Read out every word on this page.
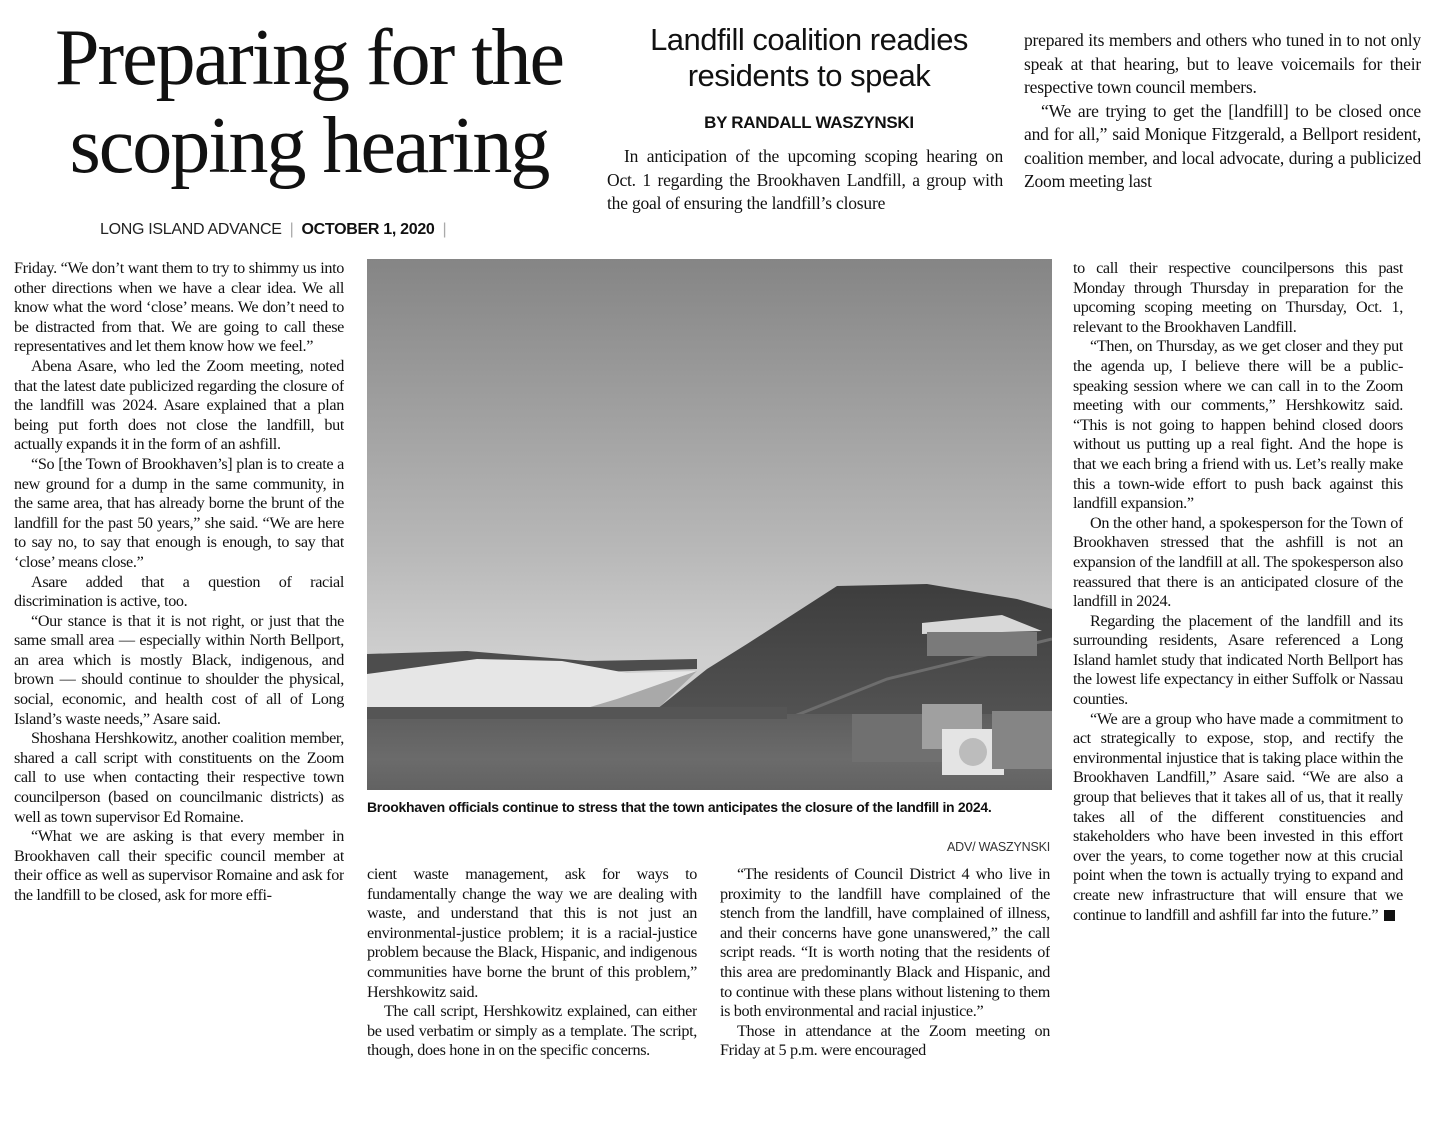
Preparing for the scoping hearing
LONG ISLAND ADVANCE | OCTOBER 1, 2020 |
Landfill coalition readies residents to speak
BY RANDALL WASZYNSKI

In anticipation of the upcoming scoping hearing on Oct. 1 regarding the Brookhaven Landfill, a group with the goal of ensuring the landfill’s closure

prepared its members and others who tuned in to not only speak at that hearing, but to leave voicemails for their respective town council members.

“We are trying to get the [landfill] to be closed once and for all,” said Monique Fitzgerald, a Bellport resident, coalition member, and local advocate, during a publicized Zoom meeting last

Friday. “We don’t want them to try to shimmy us into other directions when we have a clear idea. We all know what the word ‘close’ means. We don’t need to be distracted from that. We are going to call these representatives and let them know how we feel.”

Abena Asare, who led the Zoom meeting, noted that the latest date publicized regarding the closure of the landfill was 2024. Asare explained that a plan being put forth does not close the landfill, but actually expands it in the form of an ashfill.

“So [the Town of Brookhaven’s] plan is to create a new ground for a dump in the same community, in the same area, that has already borne the brunt of the landfill for the past 50 years,” she said. “We are here to say no, to say that enough is enough, to say that ‘close’ means close.”

Asare added that a question of racial discrimination is active, too.

“Our stance is that it is not right, or just that the same small area — especially within North Bellport, an area which is mostly Black, indigenous, and brown — should continue to shoulder the physical, social, economic, and health cost of all of Long Island’s waste needs,” Asare said.

Shoshana Hershkowitz, another coalition member, shared a call script with constituents on the Zoom call to use when contacting their respective town councilperson (based on councilmanic districts) as well as town supervisor Ed Romaine.

“What we are asking is that every member in Brookhaven call their specific council member at their office as well as supervisor Romaine and ask for the landfill to be closed, ask for more effi-

Brookhaven officials continue to stress that the town anticipates the closure of the landfill in 2024.
ADV/ WASZYNSKI

cient waste management, ask for ways to fundamentally change the way we are dealing with waste, and understand that this is not just an environmental-justice problem; it is a racial-justice problem because the Black, Hispanic, and indigenous communities have borne the brunt of this problem,” Hershkowitz said.

The call script, Hershkowitz explained, can either be used verbatim or simply as a template. The script, though, does hone in on the specific concerns.

“The residents of Council District 4 who live in proximity to the landfill have complained of the stench from the landfill, have complained of illness, and their concerns have gone unanswered,” the call script reads. “It is worth noting that the residents of this area are predominantly Black and Hispanic, and to continue with these plans without listening to them is both environmental and racial injustice.”

Those in attendance at the Zoom meeting on Friday at 5 p.m. were encouraged

to call their respective councilpersons this past Monday through Thursday in preparation for the upcoming scoping meeting on Thursday, Oct. 1, relevant to the Brookhaven Landfill.

“Then, on Thursday, as we get closer and they put the agenda up, I believe there will be a public-speaking session where we can call in to the Zoom meeting with our comments,” Hershkowitz said. “This is not going to happen behind closed doors without us putting up a real fight. And the hope is that we each bring a friend with us. Let’s really make this a town-wide effort to push back against this landfill expansion.”

On the other hand, a spokesperson for the Town of Brookhaven stressed that the ashfill is not an expansion of the landfill at all. The spokesperson also reassured that there is an anticipated closure of the landfill in 2024.

Regarding the placement of the landfill and its surrounding residents, Asare referenced a Long Island hamlet study that indicated North Bellport has the lowest life expectancy in either Suffolk or Nassau counties.

“We are a group who have made a commitment to act strategically to expose, stop, and rectify the environmental injustice that is taking place within the Brookhaven Landfill,” Asare said. “We are also a group that believes that it takes all of us, that it really takes all of the different constituencies and stakeholders who have been invested in this effort over the years, to come together now at this crucial point when the town is actually trying to expand and create new infrastructure that will ensure that we continue to landfill and ashfill far into the future.”
